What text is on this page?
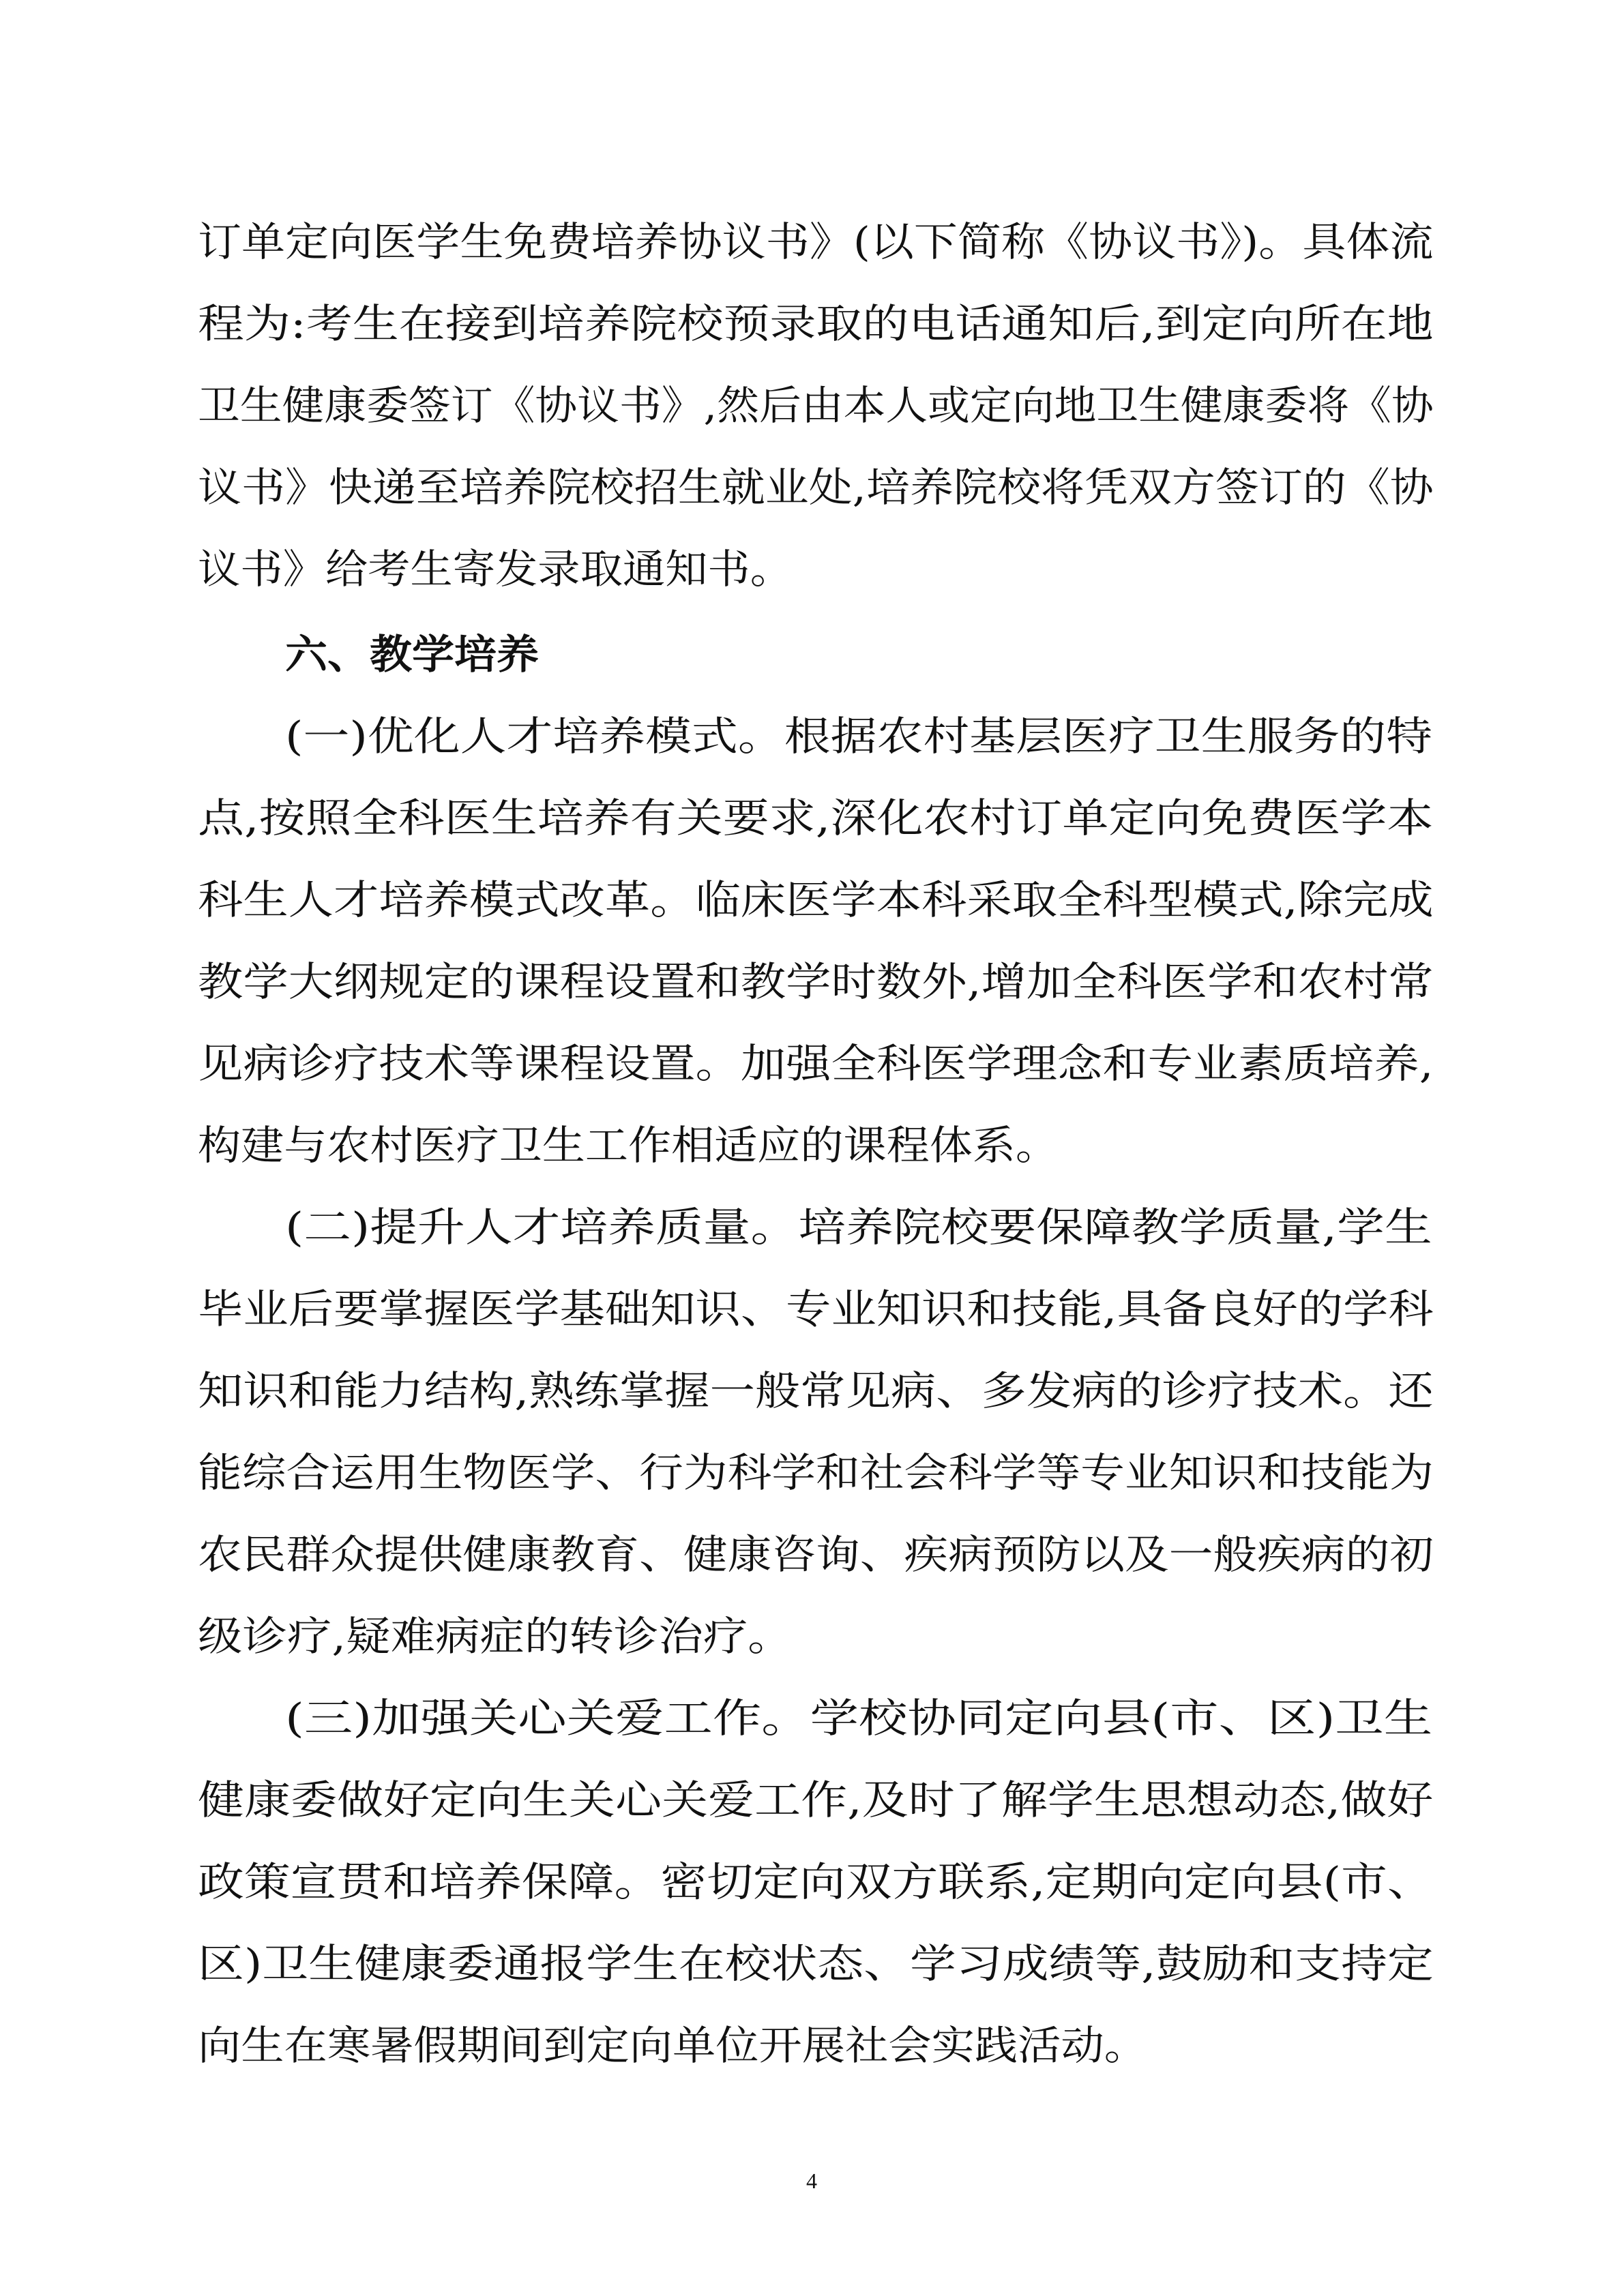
订单定向医学生免费培养协议书》(以下简称《协议书》)。具体流
程为:考生在接到培养院校预录取的电话通知后,到定向所在地
卫生健康委签订《协议书》,然后由本人或定向地卫生健康委将《协
议书》快递至培养院校招生就业处,培养院校将凭双方签订的《协
议书》给考生寄发录取通知书。
六、教学培养
(一)优化人才培养模式。根据农村基层医疗卫生服务的特
点,按照全科医生培养有关要求,深化农村订单定向免费医学本
科生人才培养模式改革。临床医学本科采取全科型模式,除完成
教学大纲规定的课程设置和教学时数外,增加全科医学和农村常
见病诊疗技术等课程设置。加强全科医学理念和专业素质培养,
构建与农村医疗卫生工作相适应的课程体系。
(二)提升人才培养质量。培养院校要保障教学质量,学生
毕业后要掌握医学基础知识、专业知识和技能,具备良好的学科
知识和能力结构,熟练掌握一般常见病、多发病的诊疗技术。还
能综合运用生物医学、行为科学和社会科学等专业知识和技能为
农民群众提供健康教育、健康咨询、疾病预防以及一般疾病的初
级诊疗,疑难病症的转诊治疗。
(三)加强关心关爱工作。学校协同定向县(市、区)卫生
健康委做好定向生关心关爱工作,及时了解学生思想动态,做好
政策宣贯和培养保障。密切定向双方联系,定期向定向县(市、
区)卫生健康委通报学生在校状态、学习成绩等,鼓励和支持定
向生在寒暑假期间到定向单位开展社会实践活动。
4
